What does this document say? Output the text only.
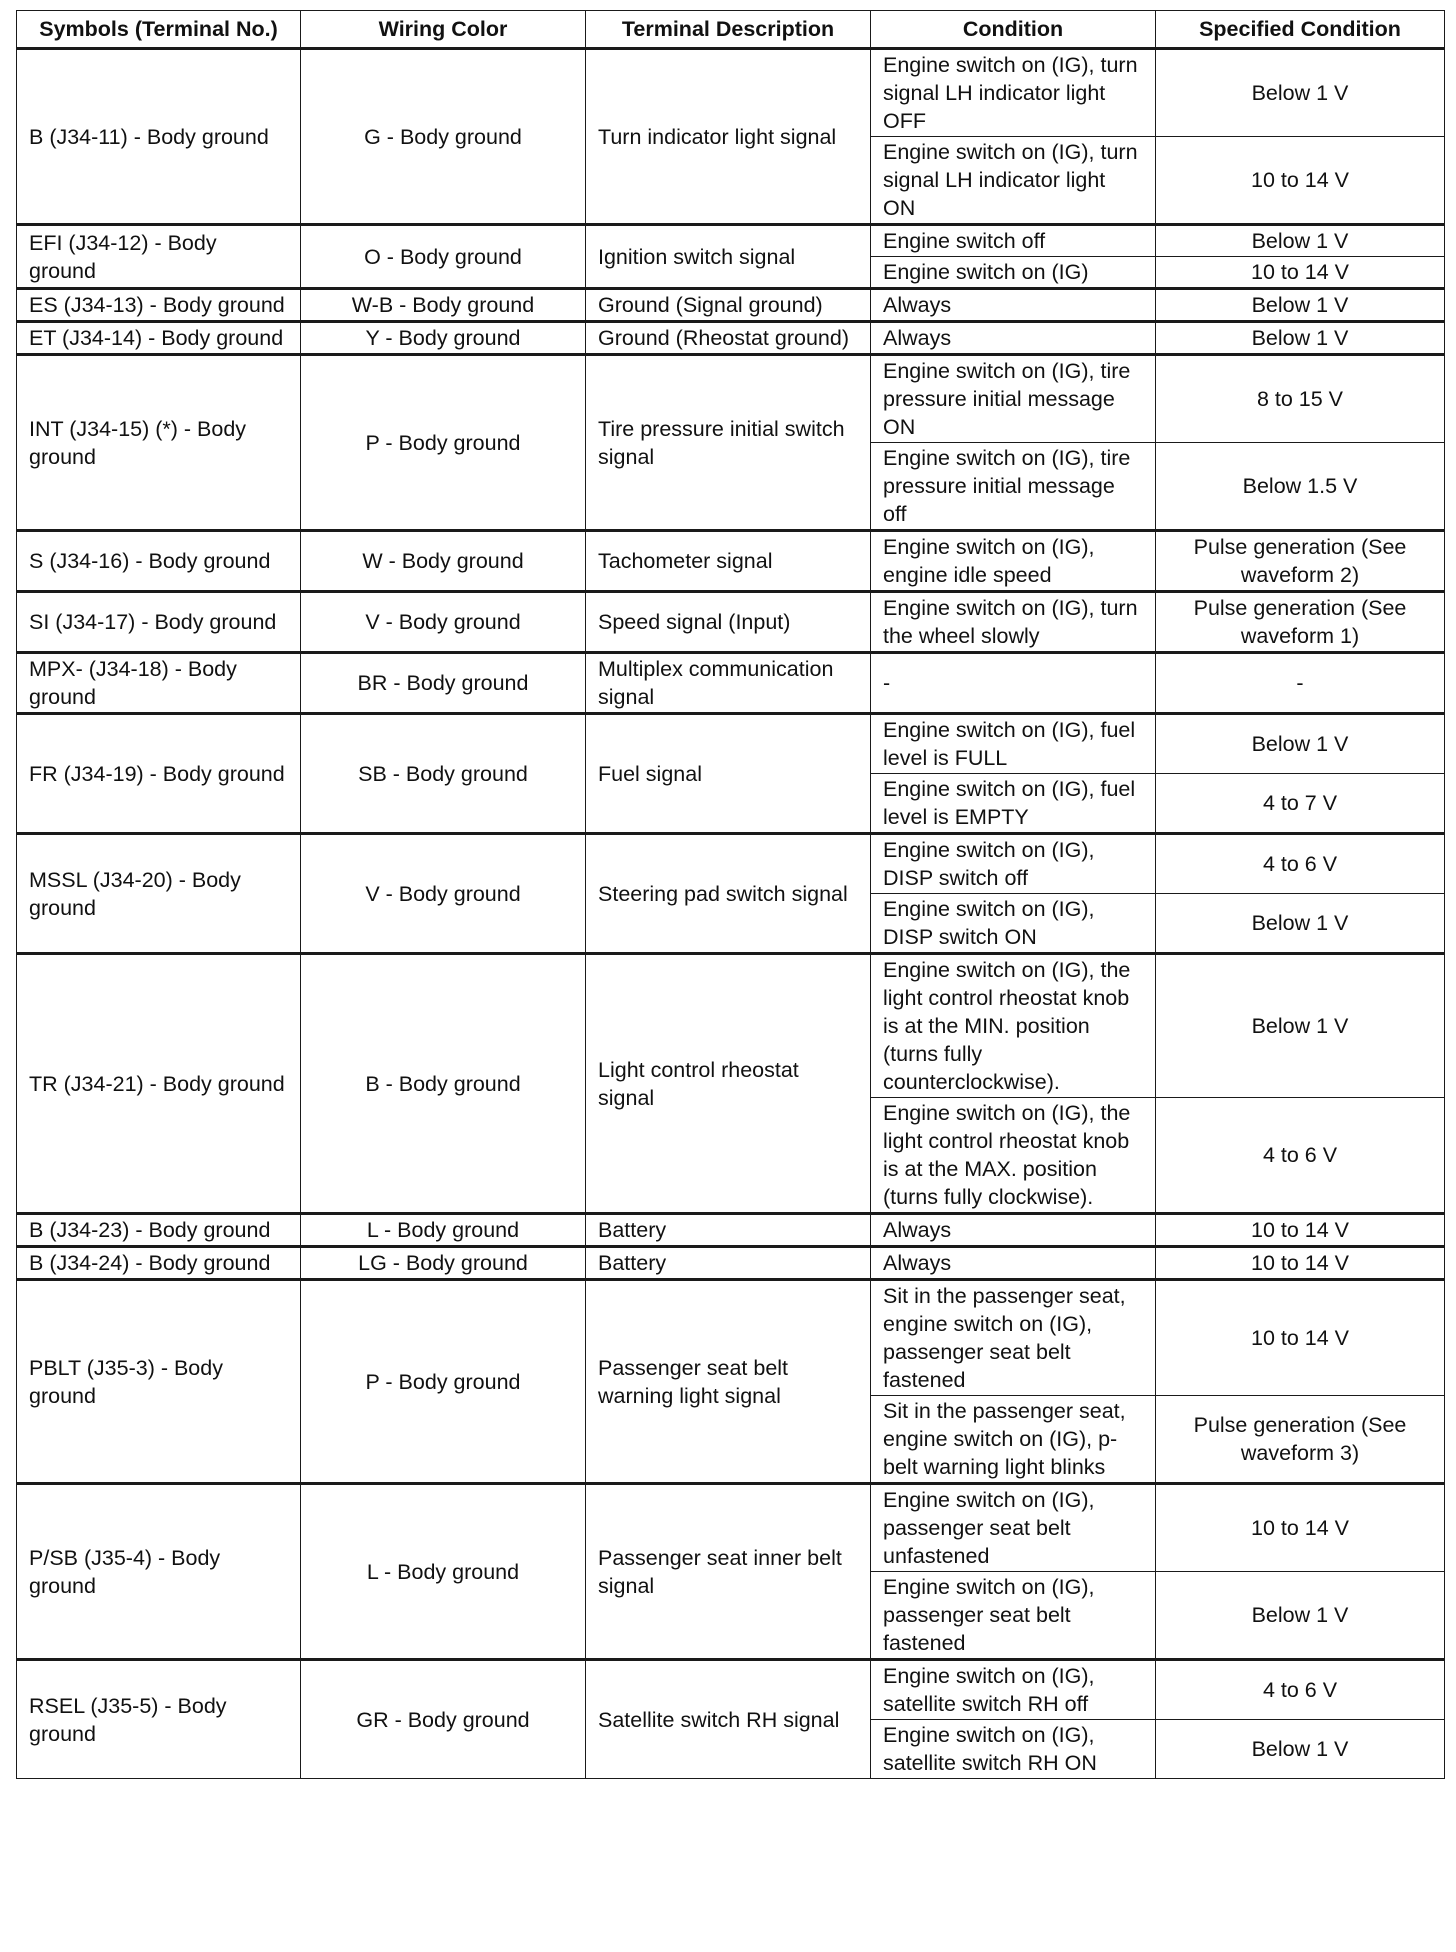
Symbols (Terminal No.)	Wiring Color	Terminal Description	Condition	Specified Condition
B (J34-11) - Body ground	G - Body ground	Turn indicator light signal	Engine switch on (IG), turn signal LH indicator light OFF	Below 1 V
			Engine switch on (IG), turn signal LH indicator light ON	10 to 14 V
EFI (J34-12) - Body ground	O - Body ground	Ignition switch signal	Engine switch off	Below 1 V
			Engine switch on (IG)	10 to 14 V
ES (J34-13) - Body ground	W-B - Body ground	Ground (Signal ground)	Always	Below 1 V
ET (J34-14) - Body ground	Y - Body ground	Ground (Rheostat ground)	Always	Below 1 V
INT (J34-15) (*) - Body ground	P - Body ground	Tire pressure initial switch signal	Engine switch on (IG), tire pressure initial message ON	8 to 15 V
			Engine switch on (IG), tire pressure initial message off	Below 1.5 V
S (J34-16) - Body ground	W - Body ground	Tachometer signal	Engine switch on (IG), engine idle speed	Pulse generation (See waveform 2)
SI (J34-17) - Body ground	V - Body ground	Speed signal (Input)	Engine switch on (IG), turn the wheel slowly	Pulse generation (See waveform 1)
MPX- (J34-18) - Body ground	BR - Body ground	Multiplex communication signal	-	-
FR (J34-19) - Body ground	SB - Body ground	Fuel signal	Engine switch on (IG), fuel level is FULL	Below 1 V
			Engine switch on (IG), fuel level is EMPTY	4 to 7 V
MSSL (J34-20) - Body ground	V - Body ground	Steering pad switch signal	Engine switch on (IG), DISP switch off	4 to 6 V
			Engine switch on (IG), DISP switch ON	Below 1 V
TR (J34-21) - Body ground	B - Body ground	Light control rheostat signal	Engine switch on (IG), the light control rheostat knob is at the MIN. position (turns fully counterclockwise).	Below 1 V
			Engine switch on (IG), the light control rheostat knob is at the MAX. position (turns fully clockwise).	4 to 6 V
B (J34-23) - Body ground	L - Body ground	Battery	Always	10 to 14 V
B (J34-24) - Body ground	LG - Body ground	Battery	Always	10 to 14 V
PBLT (J35-3) - Body ground	P - Body ground	Passenger seat belt warning light signal	Sit in the passenger seat, engine switch on (IG), passenger seat belt fastened	10 to 14 V
			Sit in the passenger seat, engine switch on (IG), p-belt warning light blinks	Pulse generation (See waveform 3)
P/SB (J35-4) - Body ground	L - Body ground	Passenger seat inner belt signal	Engine switch on (IG), passenger seat belt unfastened	10 to 14 V
			Engine switch on (IG), passenger seat belt fastened	Below 1 V
RSEL (J35-5) - Body ground	GR - Body ground	Satellite switch RH signal	Engine switch on (IG), satellite switch RH off	4 to 6 V
			Engine switch on (IG), satellite switch RH ON	Below 1 V
